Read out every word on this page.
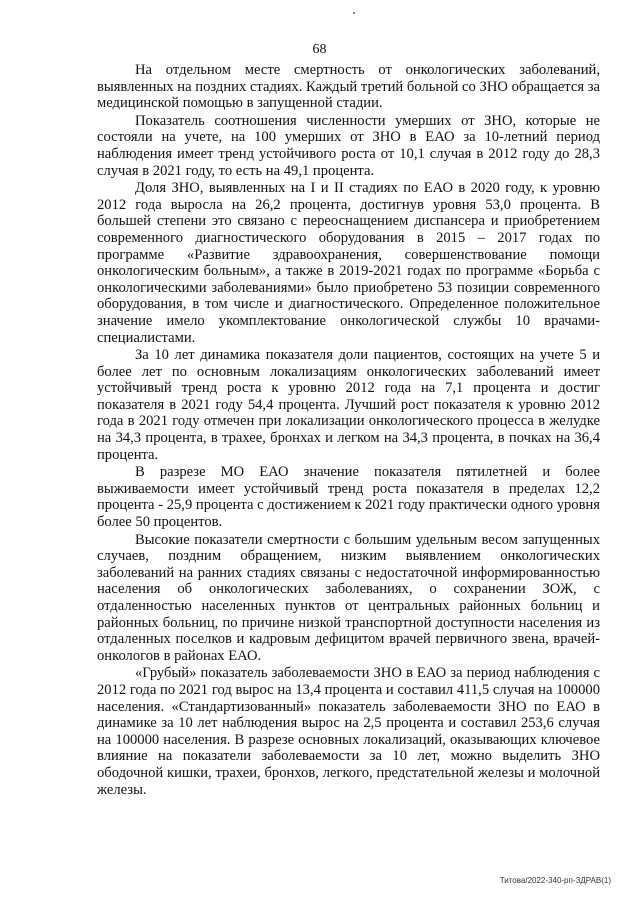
68

На отдельном месте смертность от онкологических заболеваний, выявленных на поздних стадиях. Каждый третий больной со ЗНО обращается за медицинской помощью в запущенной стадии.

Показатель соотношения численности умерших от ЗНО, которые не состояли на учете, на 100 умерших от ЗНО в ЕАО за 10-летний период наблюдения имеет тренд устойчивого роста от 10,1 случая в 2012 году до 28,3 случая в 2021 году, то есть на 49,1 процента.

Доля ЗНО, выявленных на I и II стадиях по ЕАО в 2020 году, к уровню 2012 года выросла на 26,2 процента, достигнув уровня 53,0 процента. В большей степени это связано с переоснащением диспансера и приобретением современного диагностического оборудования в 2015 – 2017 годах по программе «Развитие здравоохранения, совершенствование помощи онкологическим больным», а также в 2019-2021 годах по программе «Борьба с онкологическими заболеваниями» было приобретено 53 позиции современного оборудования, в том числе и диагностического. Определенное положительное значение имело укомплектование онкологической службы 10 врачами-специалистами.

За 10 лет динамика показателя доли пациентов, состоящих на учете 5 и более лет по основным локализациям онкологических заболеваний имеет устойчивый тренд роста к уровню 2012 года на 7,1 процента и достиг показателя в 2021 году 54,4 процента. Лучший рост показателя к уровню 2012 года в 2021 году отмечен при локализации онкологического процесса в желудке на 34,3 процента, в трахее, бронхах и легком на 34,3 процента, в почках на 36,4 процента.

В разрезе МО ЕАО значение показателя пятилетней и более выживаемости имеет устойчивый тренд роста показателя в пределах 12,2 процента - 25,9 процента с достижением к 2021 году практически одного уровня более 50 процентов.

Высокие показатели смертности с большим удельным весом запущенных случаев, поздним обращением, низким выявлением онкологических заболеваний на ранних стадиях связаны с недостаточной информированностью населения об онкологических заболеваниях, о сохранении ЗОЖ, с отдаленностью населенных пунктов от центральных районных больниц и районных больниц, по причине низкой транспортной доступности населения из отдаленных поселков и кадровым дефицитом врачей первичного звена, врачей-онкологов в районах ЕАО.

«Грубый» показатель заболеваемости ЗНО в ЕАО за период наблюдения с 2012 года по 2021 год вырос на 13,4 процента и составил 411,5 случая на 100000 населения. «Стандартизованный» показатель заболеваемости ЗНО по ЕАО в динамике за 10 лет наблюдения вырос на 2,5 процента и составил 253,6 случая на 100000 населения. В разрезе основных локализаций, оказывающих ключевое влияние на показатели заболеваемости за 10 лет, можно выделить ЗНО ободочной кишки, трахеи, бронхов, легкого, предстательной железы и молочной железы.

Титова/2022-340-рп-ЗДРАВ(1)
